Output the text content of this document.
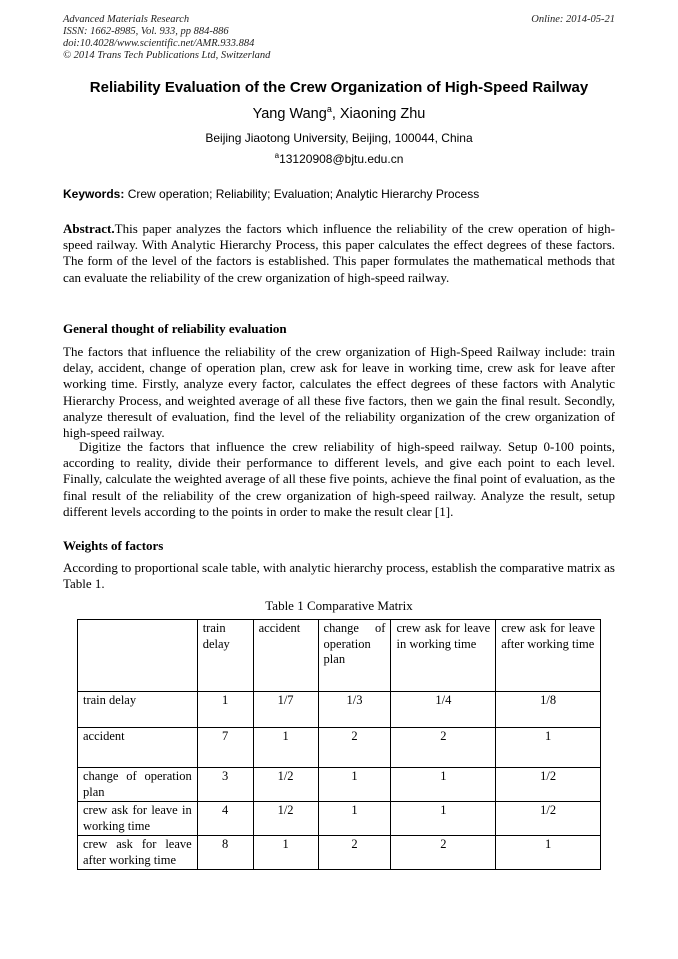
Advanced Materials Research
ISSN: 1662-8985, Vol. 933, pp 884-886
doi:10.4028/www.scientific.net/AMR.933.884
© 2014 Trans Tech Publications Ltd, Switzerland
Online: 2014-05-21
Reliability Evaluation of the Crew Organization of High-Speed Railway
Yang Wang$^a$, Xiaoning Zhu
Beijing Jiaotong University, Beijing, 100044, China
$^a$13120908@bjtu.edu.cn
Keywords: Crew operation; Reliability; Evaluation; Analytic Hierarchy Process

Abstract.This paper analyzes the factors which influence the reliability of the crew operation of high-speed railway. With Analytic Hierarchy Process, this paper calculates the effect degrees of these factors. The form of the level of the factors is established. This paper formulates the mathematical methods that can evaluate the reliability of the crew organization of high-speed railway.

General thought of reliability evaluation

The factors that influence the reliability of the crew organization of High-Speed Railway include: train delay, accident, change of operation plan, crew ask for leave in working time, crew ask for leave after working time. Firstly, analyze every factor, calculates the effect degrees of these factors with Analytic Hierarchy Process, and weighted average of all these five factors, then we gain the final result. Secondly, analyze theresult of evaluation, find the level of the reliability organization of the crew organization of high-speed railway.

Digitize the factors that influence the crew reliability of high-speed railway. Setup 0-100 points, according to reality, divide their performance to different levels, and give each point to each level. Finally, calculate the weighted average of all these five points, achieve the final point of evaluation, as the final result of the reliability of the crew organization of high-speed railway. Analyze the result, setup different levels according to the points in order to make the result clear [1].

Weights of factors

According to proportional scale table, with analytic hierarchy process, establish the comparative matrix as Table 1.

Table 1 Comparative Matrix
	train delay	accident	change of operation plan	crew ask for leave in working time	crew ask for leave after working time
train delay	1	1/7	1/3	1/4	1/8
accident	7	1	2	2	1
change of operation plan	3	1/2	1	1	1/2
crew ask for leave in working time	4	1/2	1	1	1/2
crew ask for leave after working time	8	1	2	2	1
